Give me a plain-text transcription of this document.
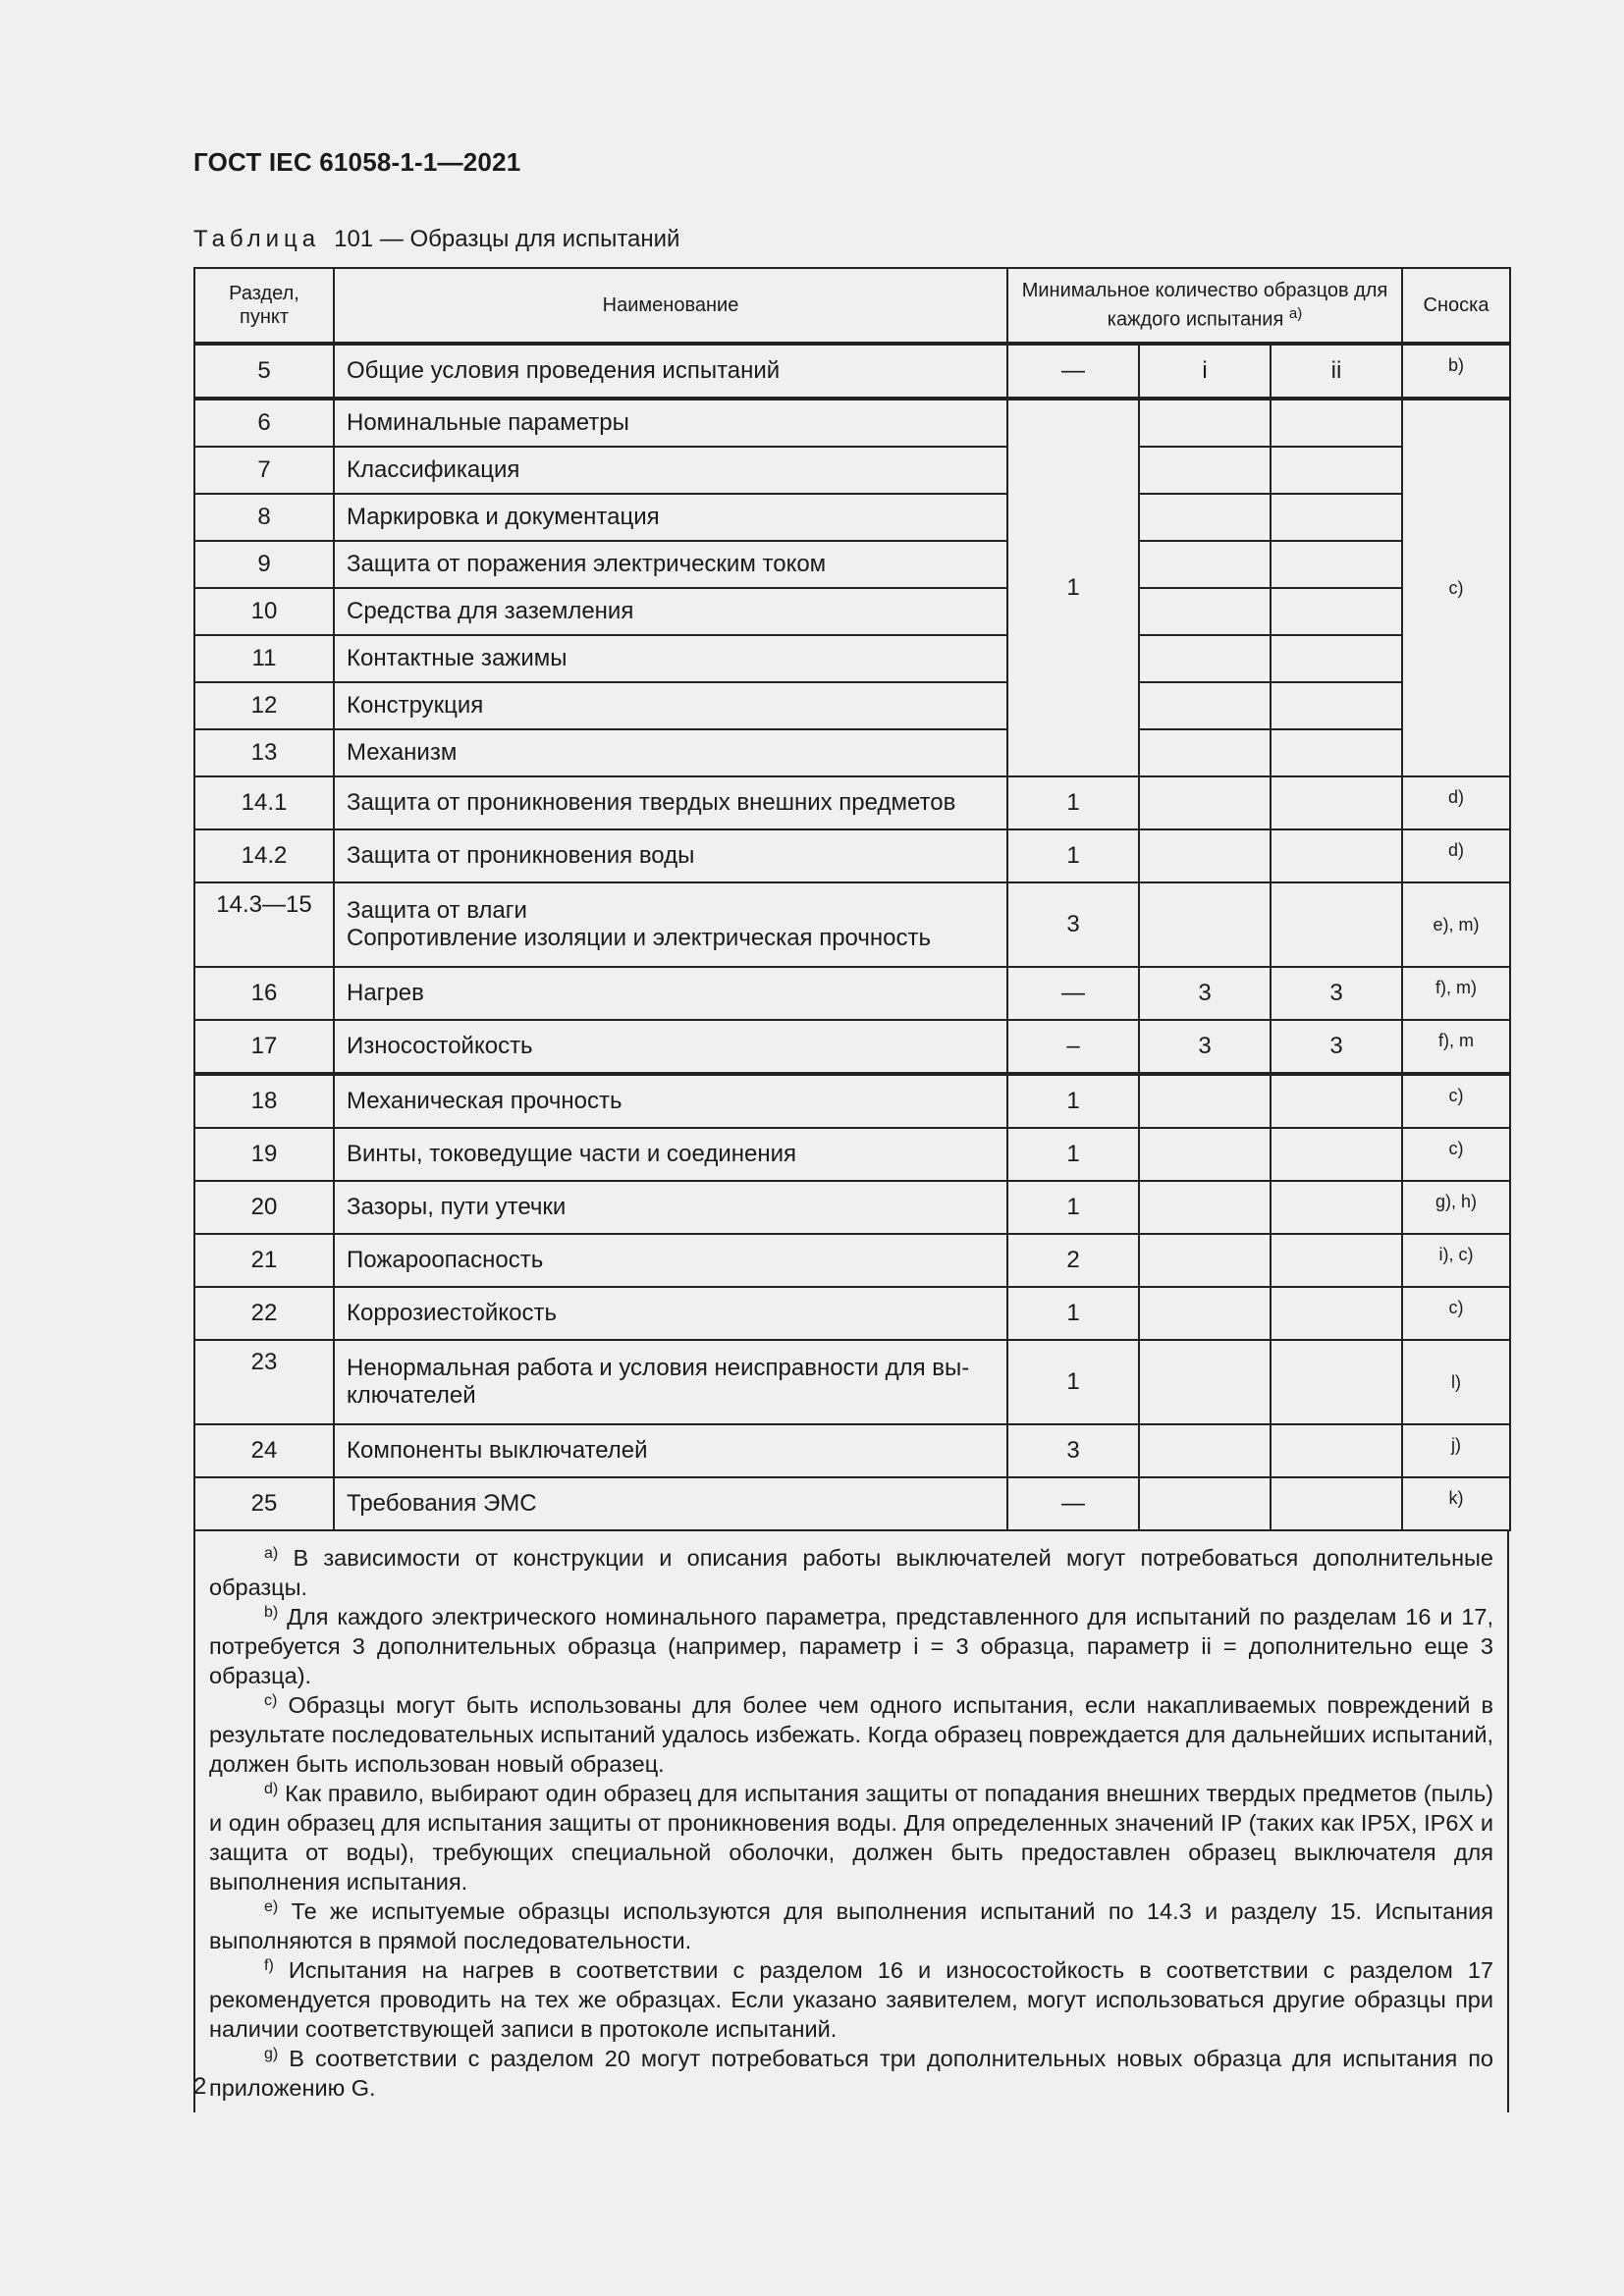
ГОСТ IEC 61058-1-1—2021
Таблица 101 — Образцы для испытаний
Раздел, пункт	Наименование	Минимальное количество образцов для каждого испытания $^{a)}$			Сноска
5	Общие условия проведения испытаний	—	i	ii	b)
6	Номинальные параметры	1			c)
7	Классификация				
8	Маркировка и документация				
9	Защита от поражения электрическим током				
10	Средства для заземления				
11	Контактные зажимы				
12	Конструкция				
13	Механизм				
14.1	Защита от проникновения твердых внешних предметов	1			d)
14.2	Защита от проникновения воды	1			d)
14.3—15	Защита от влаги
Сопротивление изоляции и электрическая прочность	3			e), m)
16	Нагрев	—	3	3	f), m)
17	Износостойкость	–	3	3	f), m
18	Механическая прочность	1			c)
19	Винты, токоведущие части и соединения	1			c)
20	Зазоры, пути утечки	1			g), h)
21	Пожароопасность	2			i), c)
22	Коррозиестойкость	1			c)
23	Ненормальная работа и условия неисправности для вы-
ключателей	1			l)
24	Компоненты выключателей	3			j)
25	Требования ЭМС	—			k)

$^{a)}$ В зависимости от конструкции и описания работы выключателей могут потребоваться дополнительные образцы.

$^{b)}$ Для каждого электрического номинального параметра, представленного для испытаний по разделам 16 и 17, потребуется 3 дополнительных образца (например, параметр i = 3 образца, параметр ii = дополнительно еще 3 образца).

$^{c)}$ Образцы могут быть использованы для более чем одного испытания, если накапливаемых повреждений в результате последовательных испытаний удалось избежать. Когда образец повреждается для дальнейших испытаний, должен быть использован новый образец.

$^{d)}$ Как правило, выбирают один образец для испытания защиты от попадания внешних твердых предметов (пыль) и один образец для испытания защиты от проникновения воды. Для определенных значений IP (таких как IP5X, IP6X и защита от воды), требующих специальной оболочки, должен быть предоставлен образец выключателя для выполнения испытания.

$^{e)}$ Те же испытуемые образцы используются для выполнения испытаний по 14.3 и разделу 15. Испытания выполняются в прямой последовательности.

$^{f)}$ Испытания на нагрев в соответствии с разделом 16 и износостойкость в соответствии с разделом 17 рекомендуется проводить на тех же образцах. Если указано заявителем, могут использоваться другие образцы при наличии соответствующей записи в протоколе испытаний.

$^{g)}$ В соответствии с разделом 20 могут потребоваться три дополнительных новых образца для испытания по приложению G.

2
